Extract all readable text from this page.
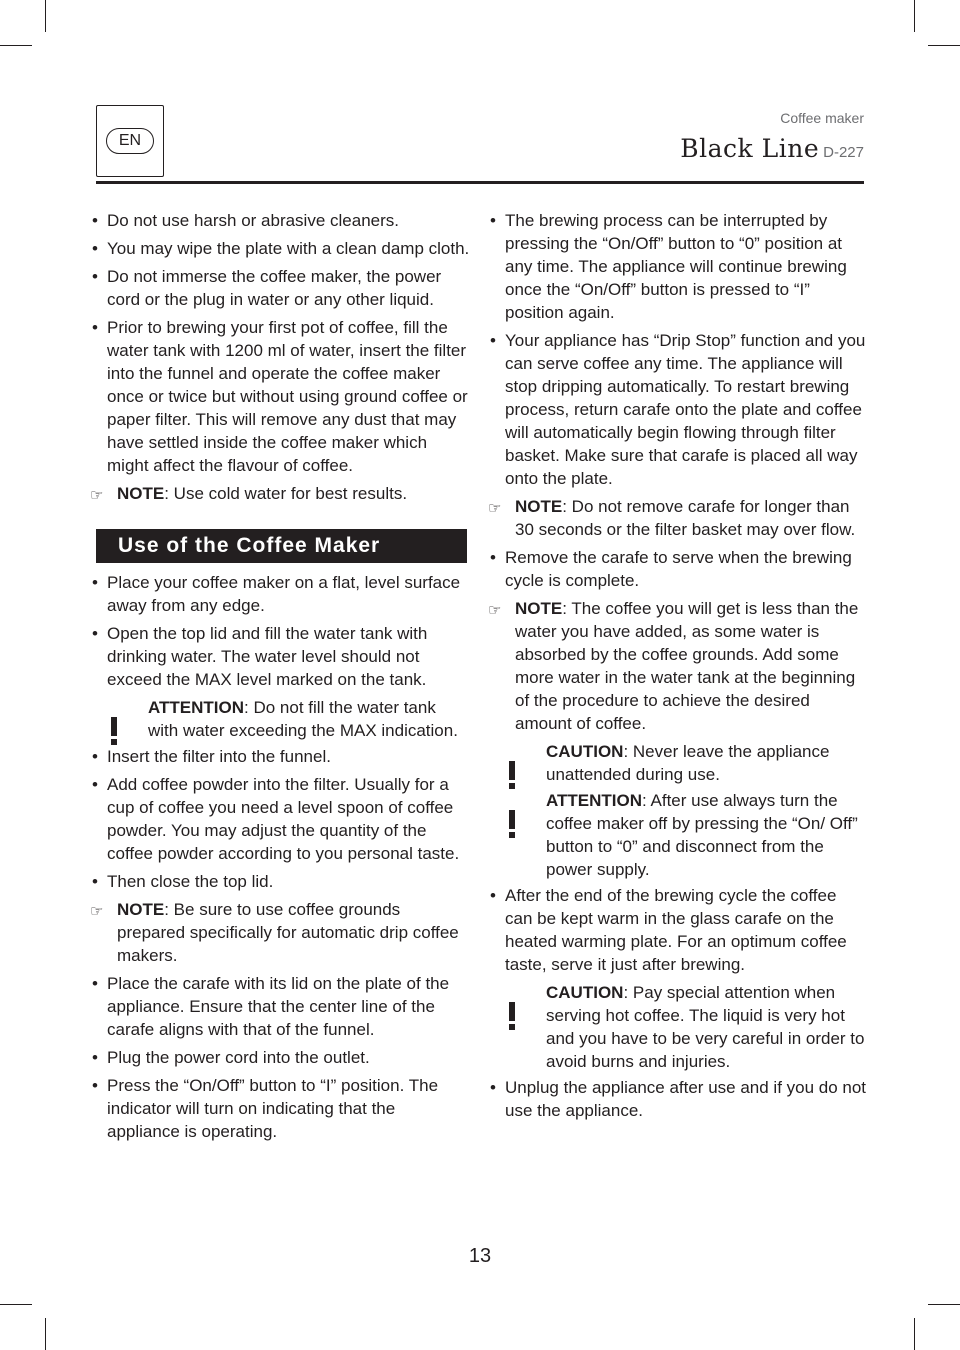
EN
Coffee maker
Black Line D-227
• Do not use harsh or abrasive cleaners.
• You may wipe the plate with a clean damp cloth.
• Do not immerse the coffee maker, the power cord or the plug in water or any other liquid.
• Prior to brewing your first pot of coffee, fill the water tank with 1200 ml of water, insert the filter into the funnel and operate the coffee maker once or twice but without using ground coffee or paper filter. This will remove any dust that may have settled inside the coffee maker which might affect the flavour of coffee.
☞ NOTE: Use cold water for best results.
Use of the Coffee Maker
• Place your coffee maker on a flat, level surface away from any edge.
• Open the top lid and fill the water tank with drinking water. The water level should not exceed the MAX level marked on the tank.
ATTENTION: Do not fill the water tank with water exceeding the MAX indication.
• Insert the filter into the funnel.
• Add coffee powder into the filter. Usually for a cup of coffee you need a level spoon of coffee powder. You may adjust the quantity of the coffee powder according to you personal taste.
• Then close the top lid.
☞ NOTE: Be sure to use coffee grounds prepared specifically for automatic drip coffee makers.
• Place the carafe with its lid on the plate of the appliance. Ensure that the center line of the carafe aligns with that of the funnel.
• Plug the power cord into the outlet.
• Press the “On/Off” button to “I” position. The indicator will turn on indicating that the appliance is operating.
• The brewing process can be interrupted by pressing the “On/Off” button to “0” position at any time. The appliance will continue brewing once the “On/Off” button is pressed to “I” position again.
• Your appliance has “Drip Stop” function and you can serve coffee any time. The appliance will stop dripping automatically. To restart brewing process, return carafe onto the plate and coffee will automatically begin flowing through filter basket. Make sure that carafe is placed all way onto the plate.
☞ NOTE: Do not remove carafe for longer than 30 seconds or the filter basket may over flow.
• Remove the carafe to serve when the brewing cycle is complete.
☞ NOTE: The coffee you will get is less than the water you have added, as some water is absorbed by the coffee grounds. Add some more water in the water tank at the beginning of the procedure to achieve the desired amount of coffee.
CAUTION: Never leave the appliance unattended during use.
ATTENTION: After use always turn the coffee maker off by pressing the “On/ Off” button to “0” and disconnect from the power supply.
• After the end of the brewing cycle the coffee can be kept warm in the glass carafe on the heated warming plate. For an optimum coffee taste, serve it just after brewing.
CAUTION: Pay special attention when serving hot coffee. The liquid is very hot and you have to be very careful in order to avoid burns and injuries.
• Unplug the appliance after use and if you do not use the appliance.
13
